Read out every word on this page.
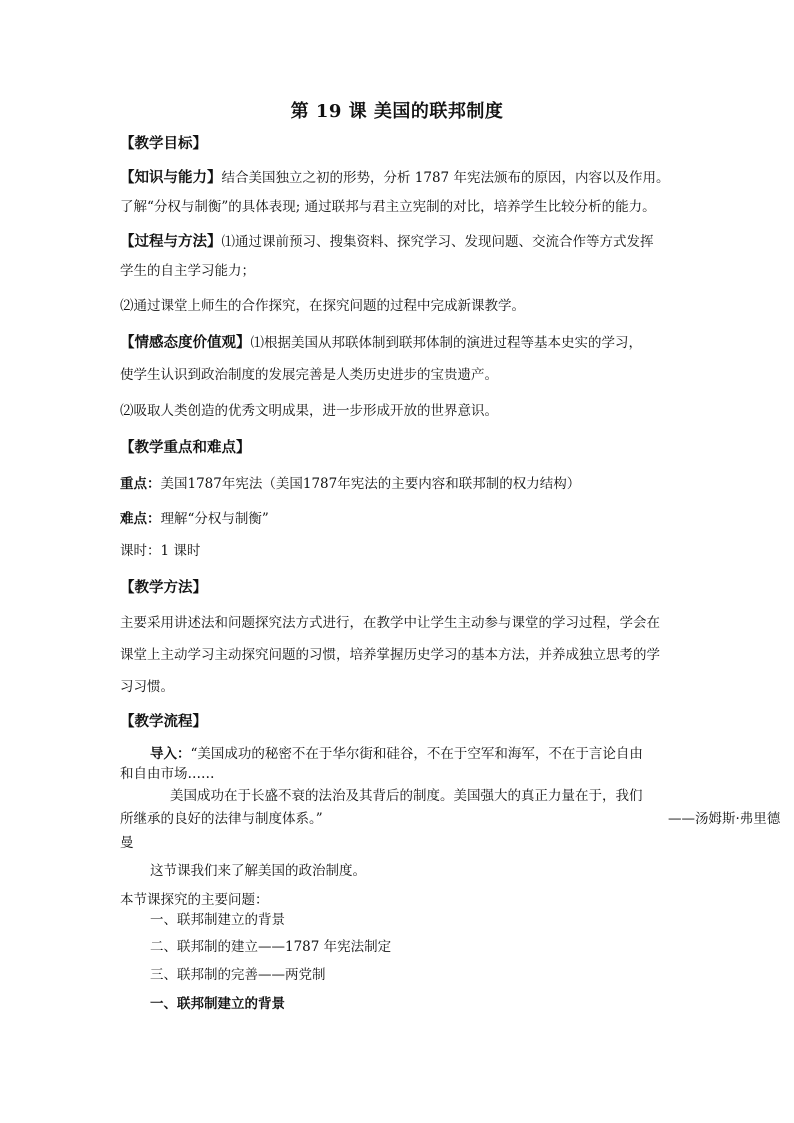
第 19 课 美国的联邦制度
【教学目标】
【知识与能力】结合美国独立之初的形势，分析 1787 年宪法颁布的原因，内容以及作用。
了解“分权与制衡”的具体表现; 通过联邦与君主立宪制的对比，培养学生比较分析的能力。
【过程与方法】⑴通过课前预习、搜集资料、探究学习、发现问题、交流合作等方式发挥
学生的自主学习能力；
⑵通过课堂上师生的合作探究，在探究问题的过程中完成新课教学。
【情感态度价值观】⑴根据美国从邦联体制到联邦体制的演进过程等基本史实的学习，
使学生认识到政治制度的发展完善是人类历史进步的宝贵遗产。
⑵吸取人类创造的优秀文明成果，进一步形成开放的世界意识。
【教学重点和难点】
重点：美国1787年宪法（美国1787年宪法的主要内容和联邦制的权力结构）
难点：理解“分权与制衡”
课时：1 课时
【教学方法】
主要采用讲述法和问题探究法方式进行，在教学中让学生主动参与课堂的学习过程，学会在
课堂上主动学习主动探究问题的习惯，培养掌握历史学习的基本方法，并养成独立思考的学
习习惯。
【教学流程】
导入：“美国成功的秘密不在于华尔街和硅谷，不在于空军和海军，不在于言论自由
和自由市场……
美国成功在于长盛不衰的法治及其背后的制度。美国强大的真正力量在于，我们
所继承的良好的法律与制度体系。”	——汤姆斯·弗里德
曼
这节课我们来了解美国的政治制度。
本节课探究的主要问题：
一、联邦制建立的背景
二、联邦制的建立——1787 年宪法制定
三、联邦制的完善——两党制
一、联邦制建立的背景
